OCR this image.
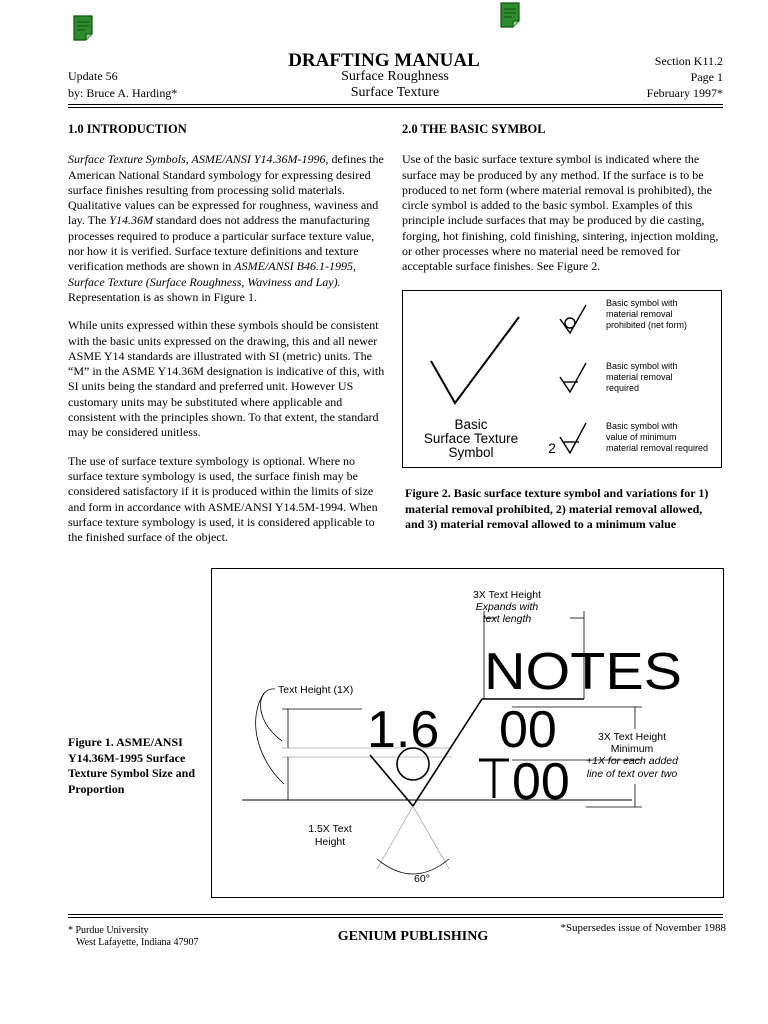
DRAFTING MANUAL
Surface Roughness
Surface Texture
Update 56
by: Bruce A. Harding*
Section K11.2
Page 1
February 1997*
1.0 INTRODUCTION

Surface Texture Symbols, ASME/ANSI Y14.36M-1996, defines the American National Standard symbology for expressing desired surface finishes resulting from processing solid materials. Qualitative values can be expressed for roughness, waviness and lay. The Y14.36M standard does not address the manufacturing processes required to produce a particular surface texture value, nor how it is verified. Surface texture definitions and texture verification methods are shown in ASME/ANSI B46.1-1995, Surface Texture (Surface Roughness, Waviness and Lay). Representation is as shown in Figure 1.

While units expressed within these symbols should be consistent with the basic units expressed on the drawing, this and all newer ASME Y14 standards are illustrated with SI (metric) units. The “M” in the ASME Y14.36M designation is indicative of this, with SI units being the standard and preferred unit. However US customary units may be substituted where applicable and consistent with the principles shown. To that extent, the standard may be considered unitless.

The use of surface texture symbology is optional. Where no surface texture symbology is used, the surface finish may be considered satisfactory if it is produced within the limits of size and form in accordance with ASME/ANSI Y14.5M-1994. When surface texture symbology is used, it is considered applicable to the finished surface of the object.

2.0 THE BASIC SYMBOL

Use of the basic surface texture symbol is indicated where the surface may be produced by any method. If the surface is to be produced to net form (where material removal is prohibited), the circle symbol is added to the basic symbol. Examples of this principle include surfaces that may be produced by die casting, forging, hot finishing, cold finishing, sintering, injection molding, or other processes where no material need be removed for acceptable surface finishes. See Figure 2.

Basic
Surface Texture
Symbol
Basic symbol with
material removal
prohibited (net form)
Basic symbol with
material removal
required
2
Basic symbol with
value of minimum
material removal required
Figure 2. Basic surface texture symbol and variations for 1) material removal prohibited, 2) material removal allowed, and 3) material removal allowed to a minimum value
Figure 1. ASME/ANSI Y14.36M-1995 Surface Texture Symbol Size and Proportion
3X Text Height
Expands with
text length
NOTES
Text Height (1X)
1.6 00
00
3X Text Height
Minimum
+1X for each added
line of text over two
1.5X Text
Height
60°
* Purdue University
West Lafayette, Indiana 47907	GENIUM PUBLISHING
*Supersedes issue of November 1988
